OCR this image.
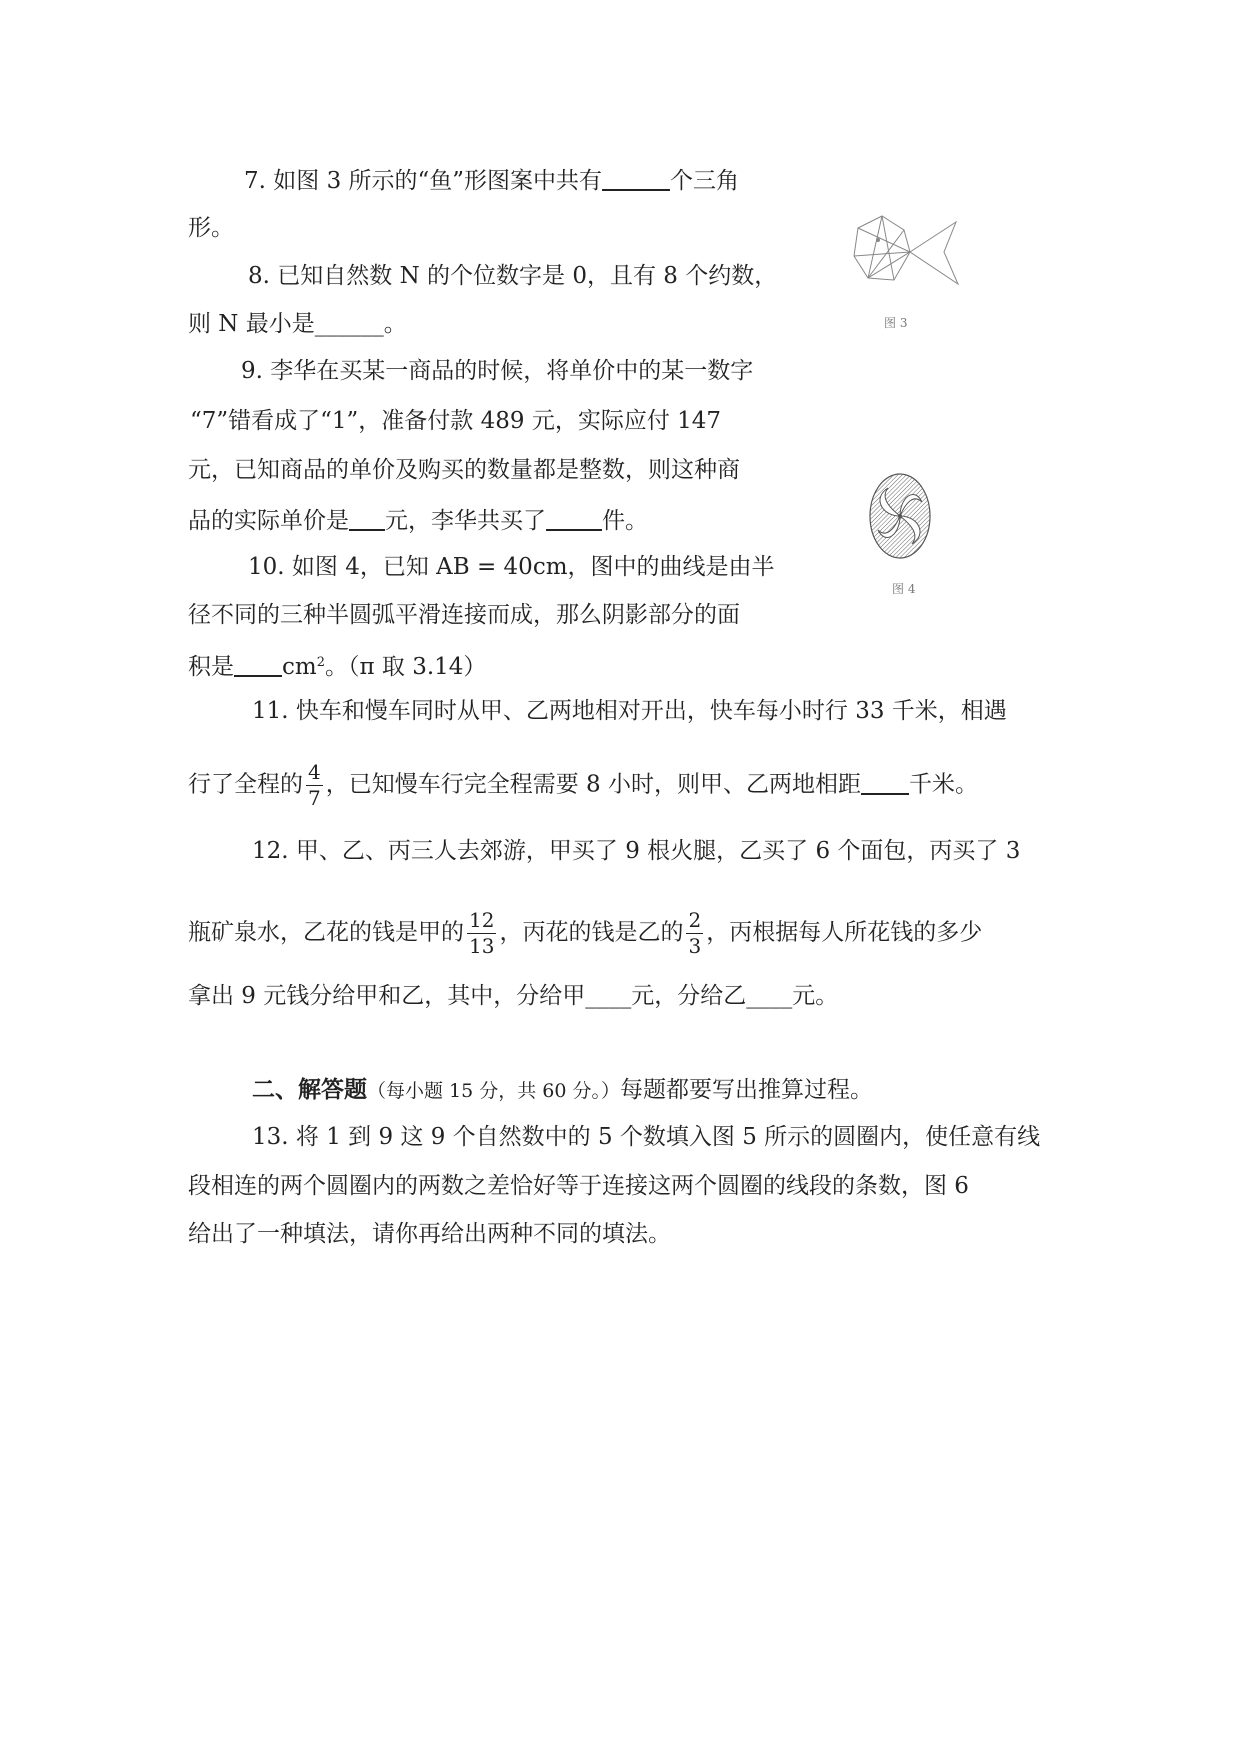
7. 如图 3 所示的“鱼”形图案中共有	个三角
形。
8. 已知自然数 N 的个位数字是 0，且有 8 个约数，
则 N 最小是______。	图 3
9. 李华在买某一商品的时候，将单价中的某一数字
“7”错看成了“1”，准备付款 489 元，实际应付 147
元，已知商品的单价及购买的数量都是整数，则这种商
品的实际单价是 元，李华共买了 件。
图 4
10. 如图 4，已知 AB = 40cm，图中的曲线是由半
径不同的三种半圆弧平滑连接而成，那么阴影部分的面
积是 $cm^2$。（π 取 3.14）
11. 快车和慢车同时从甲、乙两地相对开出，快车每小时行 33 千米，相遇
行了全程的 $\frac{4}{7}$ ，已知慢车行完全程需要 8 小时，则甲、乙两地相距 千米。
12. 甲、乙、丙三人去郊游，甲买了 9 根火腿，乙买了 6 个面包，丙买了 3
瓶矿泉水，乙花的钱是甲的 $\frac{12}{13}$ ，丙花的钱是乙的 $\frac{2}{3}$ ，丙根据每人所花钱的多少
拿出 9 元钱分给甲和乙，其中，分给甲____元，分给乙____元。
二、解答题（每小题 15 分，共 60 分。）每题都要写出推算过程。
13. 将 1 到 9 这 9 个自然数中的 5 个数填入图 5 所示的圆圈内，使任意有线
段相连的两个圆圈内的两数之差恰好等于连接这两个圆圈的线段的条数，图 6
给出了一种填法，请你再给出两种不同的填法。
